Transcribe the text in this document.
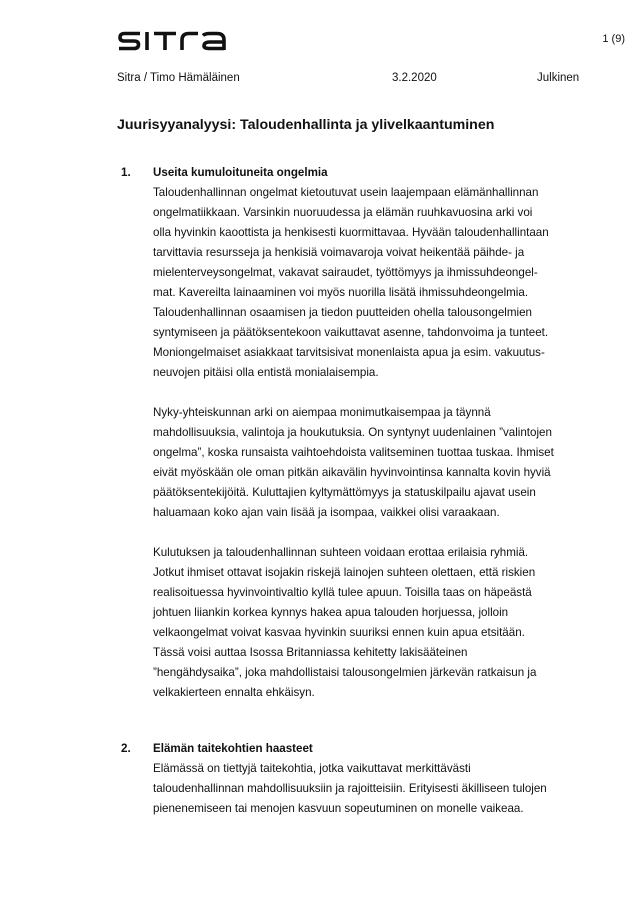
1 (9)
Sitra / Timo Hämäläinen	3.2.2020	Julkinen
Juurisyyanalyysi: Taloudenhallinta ja ylivelkaantuminen
1. Useita kumuloituneita ongelmia

Taloudenhallinnan ongelmat kietoutuvat usein laajempaan elämänhallinnan
ongelmatiikkaan. Varsinkin nuoruudessa ja elämän ruuhkavuosina arki voi
olla hyvinkin kaoottista ja henkisesti kuormittavaa. Hyvään taloudenhallintaan
tarvittavia resursseja ja henkisiä voimavaroja voivat heikentää päihde- ja
mielenterveysongelmat, vakavat sairaudet, työttömyys ja ihmissuhdeongel-
mat. Kavereilta lainaaminen voi myös nuorilla lisätä ihmissuhdeongelmia.
Taloudenhallinnan osaamisen ja tiedon puutteiden ohella talousongelmien
syntymiseen ja päätöksentekoon vaikuttavat asenne, tahdonvoima ja tunteet.
Moniongelmaiset asiakkaat tarvitsisivat monenlaista apua ja esim. vakuutus-
neuvojen pitäisi olla entistä monialaisempia.

Nyky-yhteiskunnan arki on aiempaa monimutkaisempaa ja täynnä
mahdollisuuksia, valintoja ja houkutuksia. On syntynyt uudenlainen ”valintojen
ongelma”, koska runsaista vaihtoehdoista valitseminen tuottaa tuskaa. Ihmiset
eivät myöskään ole oman pitkän aikavälin hyvinvointinsa kannalta kovin hyviä
päätöksentekijöitä. Kuluttajien kyltymättömyys ja statuskilpailu ajavat usein
haluamaan koko ajan vain lisää ja isompaa, vaikkei olisi varaakaan.

Kulutuksen ja taloudenhallinnan suhteen voidaan erottaa erilaisia ryhmiä.
Jotkut ihmiset ottavat isojakin riskejä lainojen suhteen olettaen, että riskien
realisoituessa hyvinvointivaltio kyllä tulee apuun. Toisilla taas on häpeästä
johtuen liiankin korkea kynnys hakea apua talouden horjuessa, jolloin
velkaongelmat voivat kasvaa hyvinkin suuriksi ennen kuin apua etsitään.
Tässä voisi auttaa Isossa Britanniassa kehitetty lakisääteinen
”hengähdysaika”, joka mahdollistaisi talousongelmien järkevän ratkaisun ja
velkakierteen ennalta ehkäisyn.

2. Elämän taitekohtien haasteet

Elämässä on tiettyjä taitekohtia, jotka vaikuttavat merkittävästi
taloudenhallinnan mahdollisuuksiin ja rajoitteisiin. Erityisesti äkilliseen tulojen
pienenemiseen tai menojen kasvuun sopeutuminen on monelle vaikeaa.
